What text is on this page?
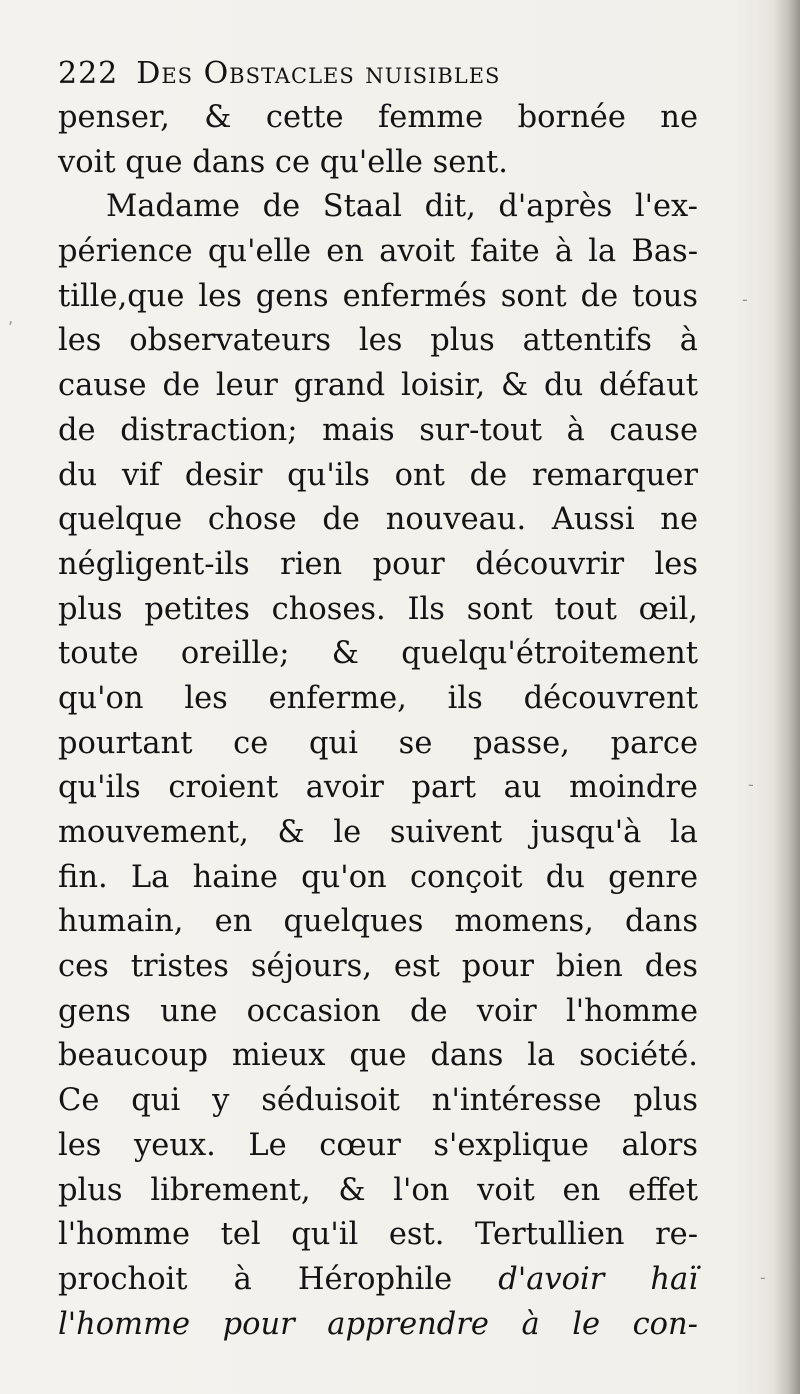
ʼ
-
-
-
222 Des Obstacles nuisibles
penser, & cette femme bornée ne
voit que dans ce qu'elle sent.
Madame de Staal dit, d'après l'ex-
périence qu'elle en avoit faite à la Bas-
tille,que les gens enfermés sont de tous
les observateurs les plus attentifs à
cause de leur grand loisir, & du défaut
de distraction; mais sur-tout à cause
du vif desir qu'ils ont de remarquer
quelque chose de nouveau. Aussi ne
négligent-ils rien pour découvrir les
plus petites choses. Ils sont tout œil,
toute oreille; & quelqu'étroitement
qu'on les enferme, ils découvrent
pourtant ce qui se passe, parce
qu'ils croient avoir part au moindre
mouvement, & le suivent jusqu'à la
fin. La haine qu'on conçoit du genre
humain, en quelques momens, dans
ces tristes séjours, est pour bien des
gens une occasion de voir l'homme
beaucoup mieux que dans la société.
Ce qui y séduisoit n'intéresse plus
les yeux. Le cœur s'explique alors
plus librement, & l'on voit en effet
l'homme tel qu'il est. Tertullien re-
prochoit à Hérophile d'avoir haï
l'homme pour apprendre à le con-
